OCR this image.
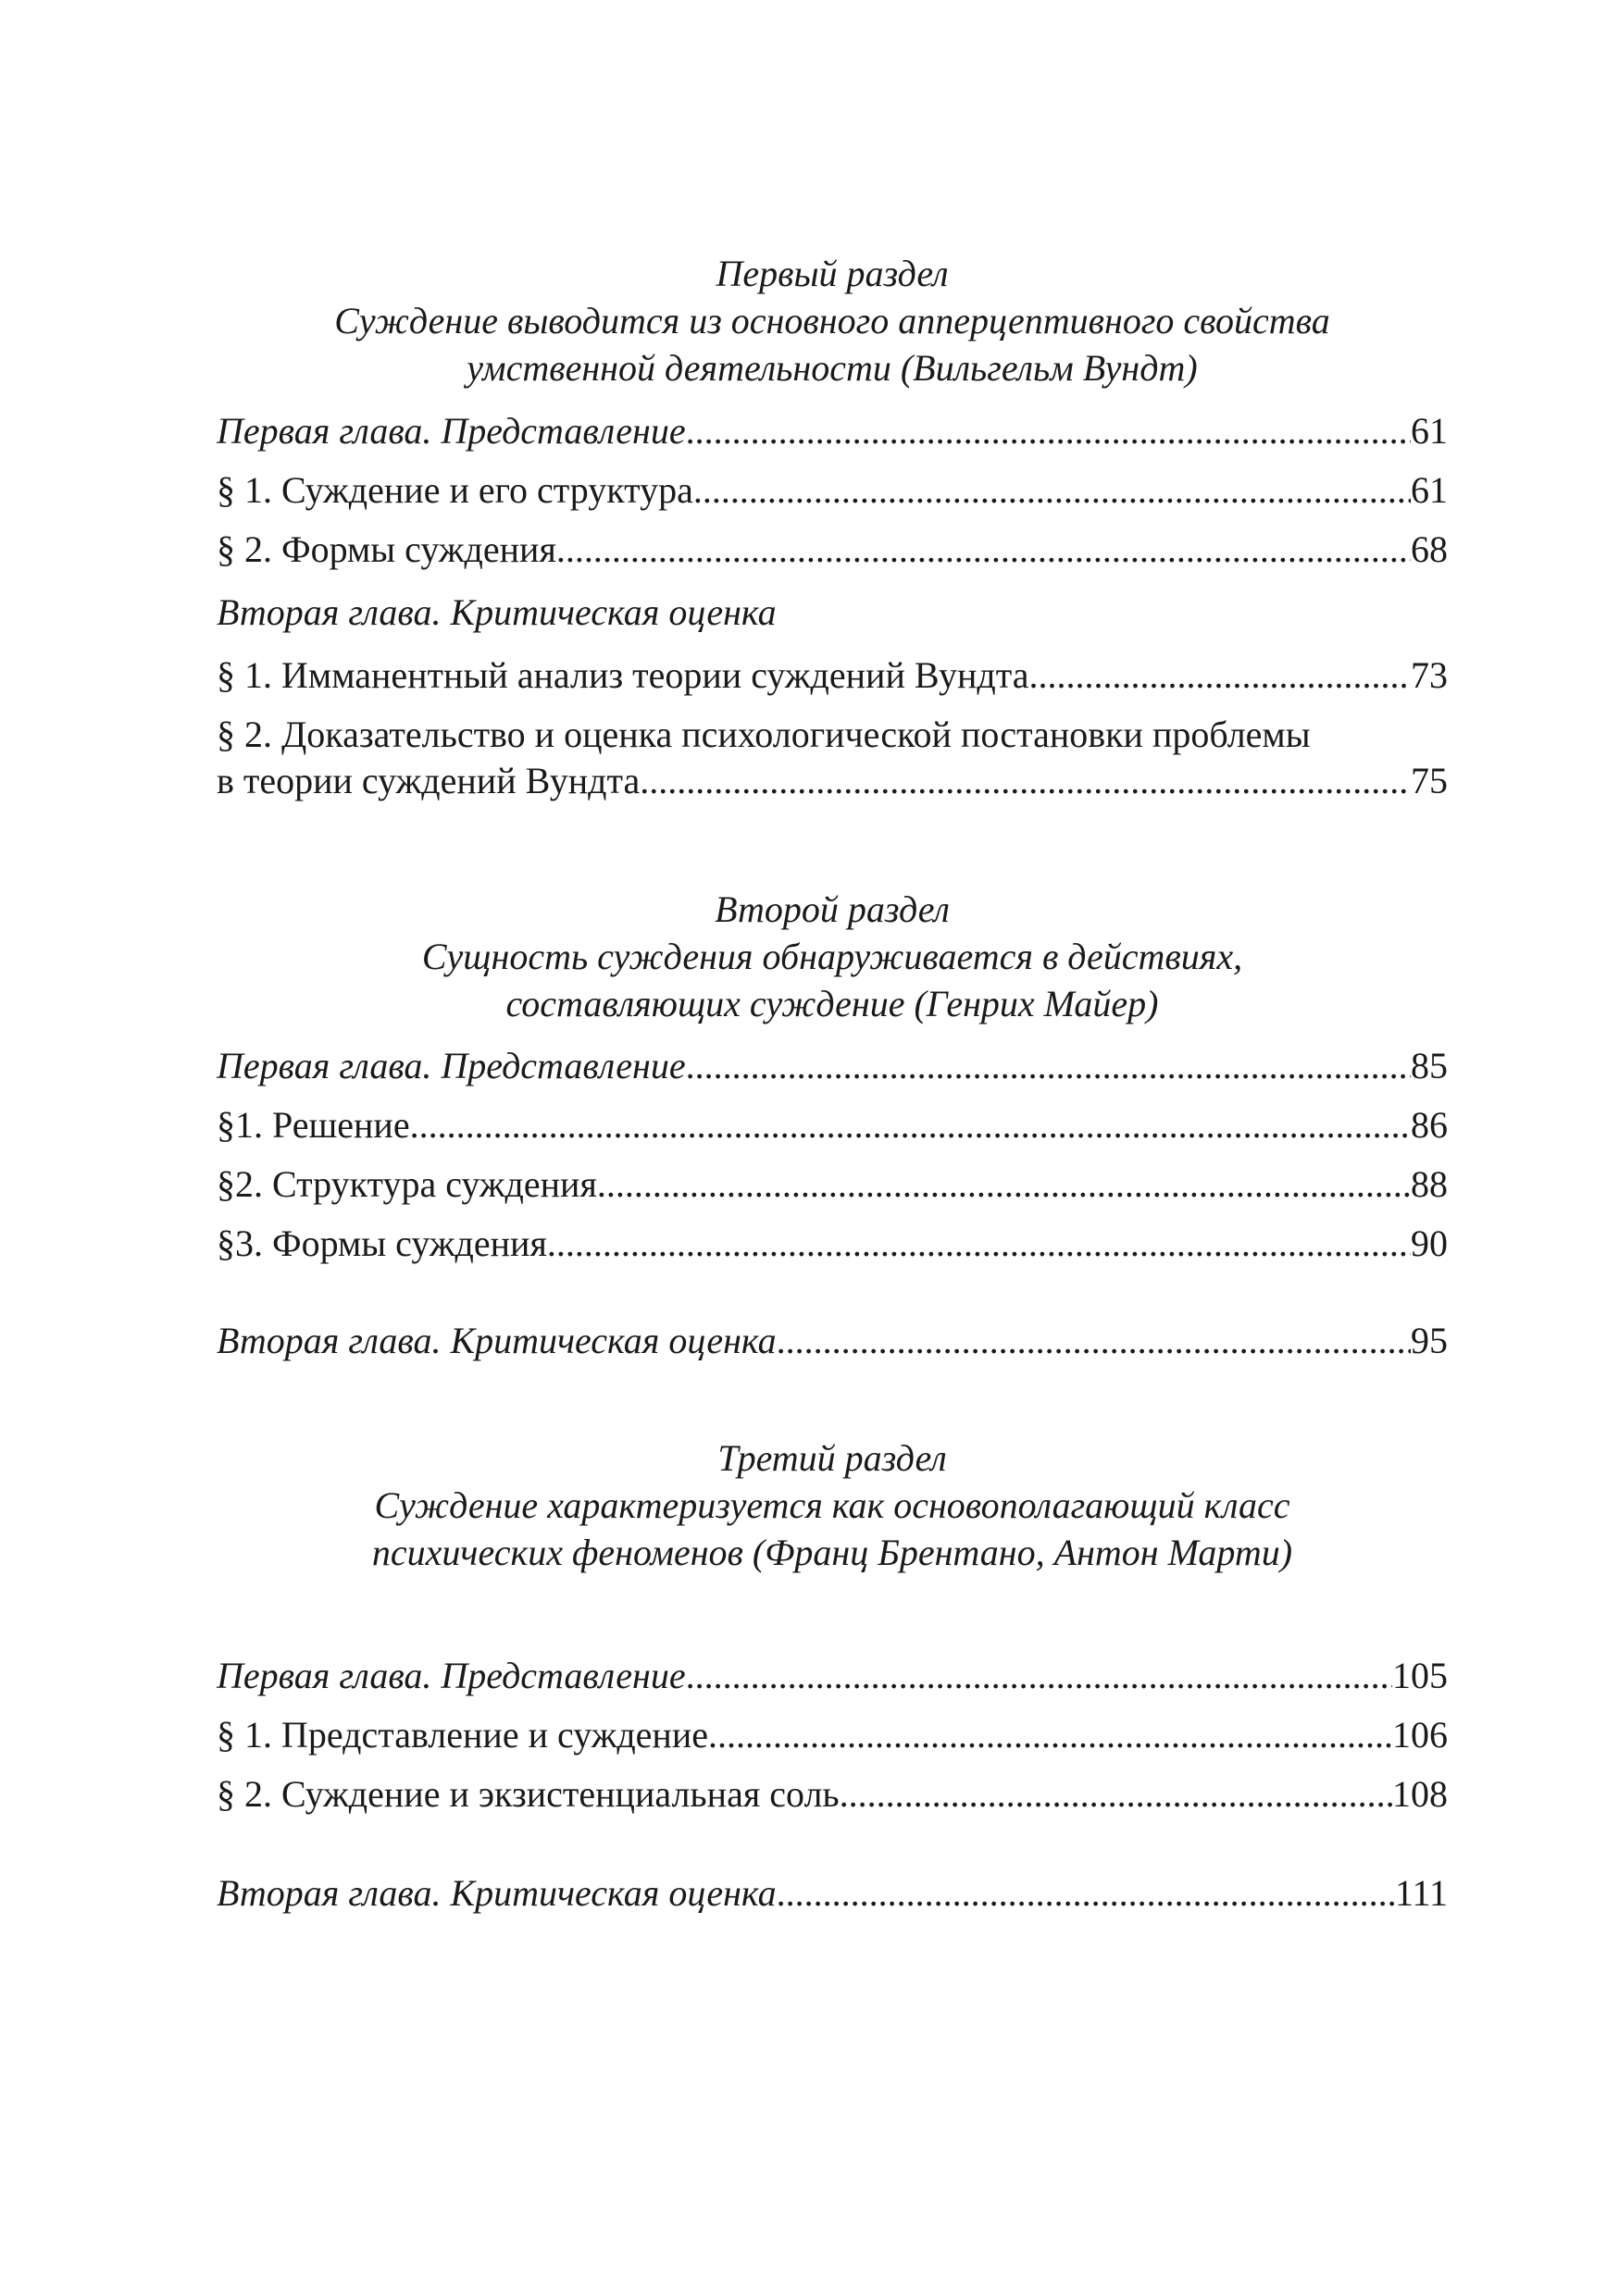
Первый раздел
Суждение выводится из основного апперцептивного свойства
умственной деятельности (Вильгельм Вундт)
Первая глава. Представление .....	61
§ 1. Суждение и его структура .....	61
§ 2. Формы суждения .....	68
Вторая глава. Критическая оценка
§ 1. Имманентный анализ теории суждений Вундта .....	73
§ 2. Доказательство и оценка психологической постановки проблемы
в теории суждений Вундта .....	75
Второй раздел
Сущность суждения обнаруживается в действиях,
составляющих суждение (Генрих Майер)
Первая глава. Представление .....	85
§1. Решение .....	86
§2. Структура суждения .....	88
§3. Формы суждения .....	90
Вторая глава. Критическая оценка .....	95
Третий раздел
Суждение характеризуется как основополагающий класс
психических феноменов (Франц Брентано, Антон Марти)
Первая глава. Представление .....	105
§ 1. Представление и суждение .....	106
§ 2. Суждение и экзистенциальная соль .....	108
Вторая глава. Критическая оценка .....	111
